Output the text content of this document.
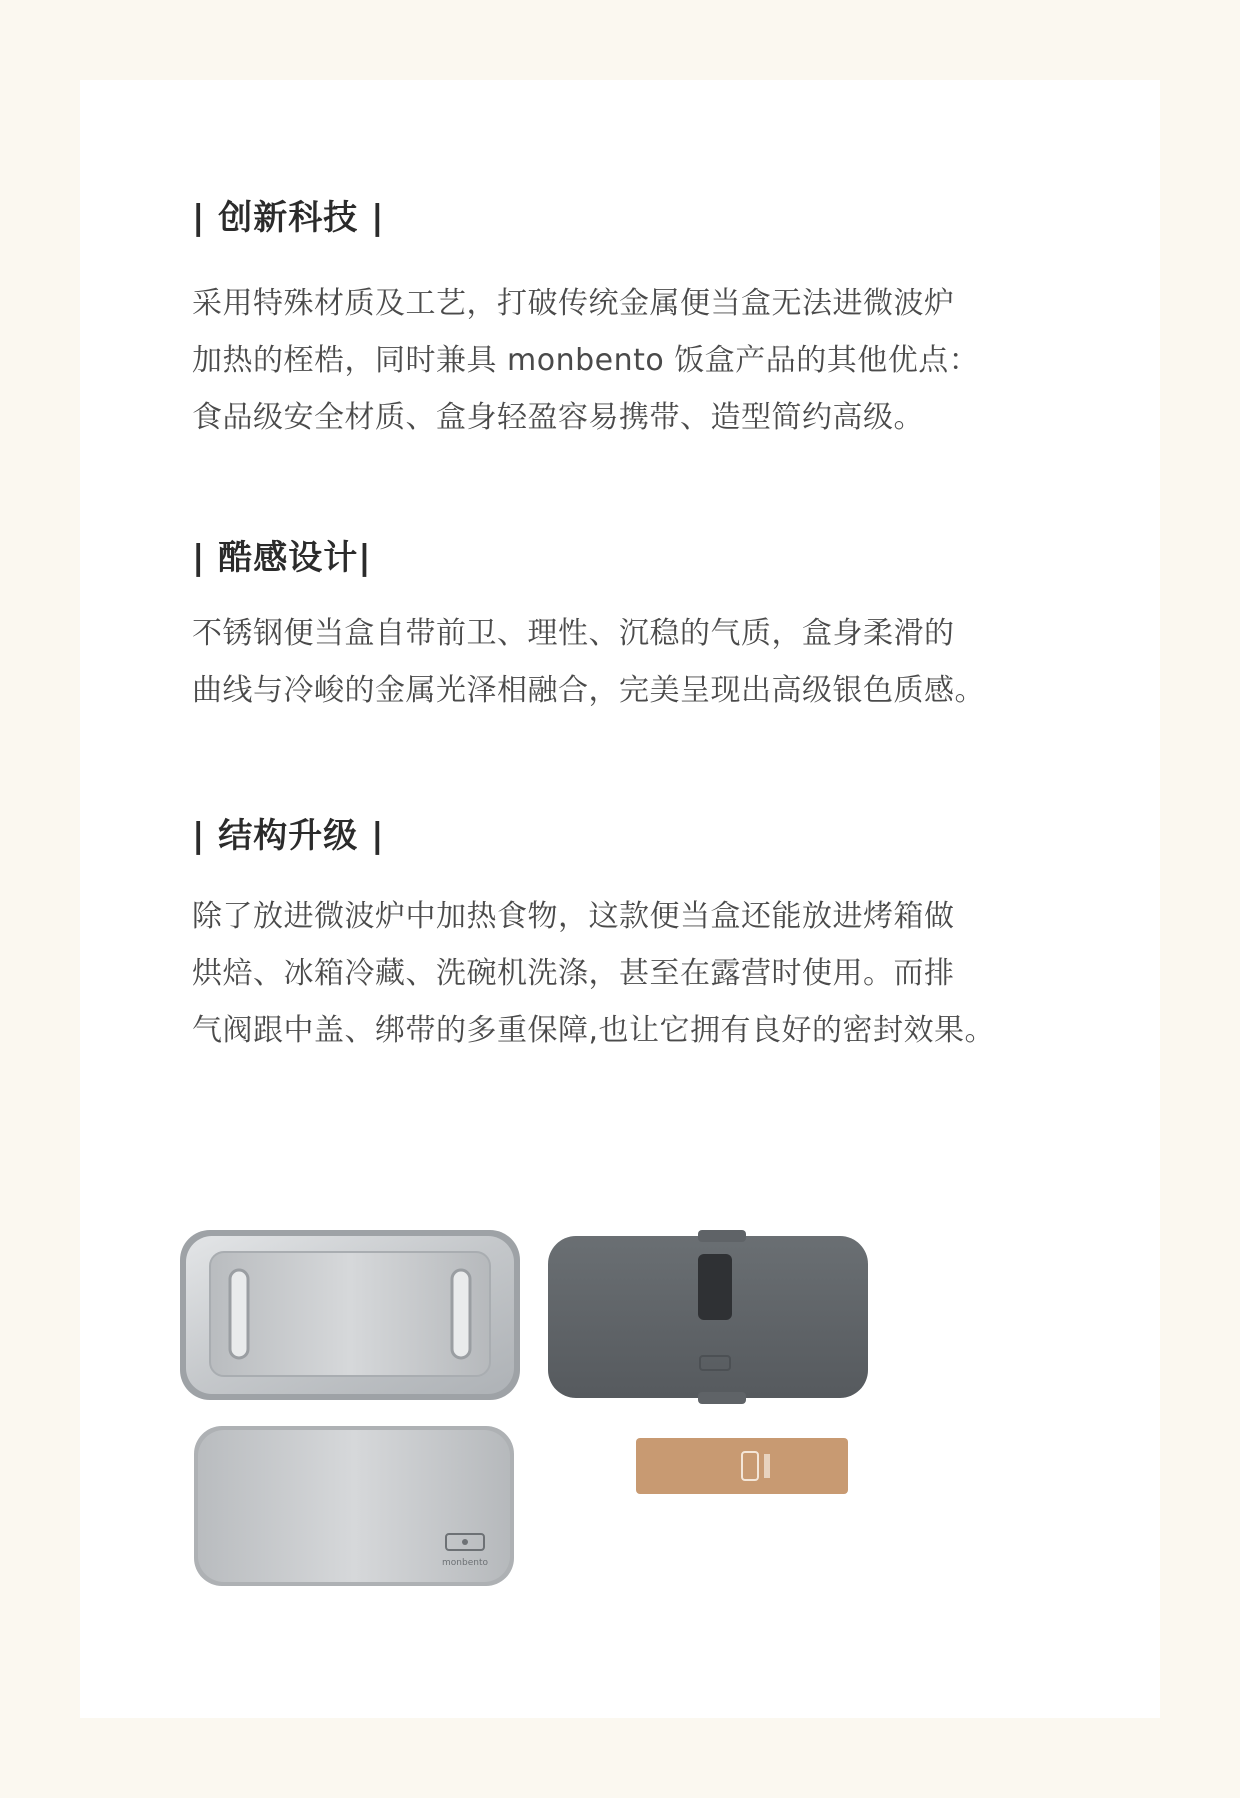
| 创新科技 |
采用特殊材质及工艺，打破传统金属便当盒无法进微波炉
加热的桎梏，同时兼具 monbento 饭盒产品的其他优点：
食品级安全材质、盒身轻盈容易携带、造型简约高级。
| 酷感设计|
不锈钢便当盒自带前卫、理性、沉稳的气质，盒身柔滑的
曲线与冷峻的金属光泽相融合，完美呈现出高级银色质感。
| 结构升级 |
除了放进微波炉中加热食物，这款便当盒还能放进烤箱做
烘焙、冰箱冷藏、洗碗机洗涤，甚至在露营时使用。而排
气阀跟中盖、绑带的多重保障,也让它拥有良好的密封效果。
monbento
